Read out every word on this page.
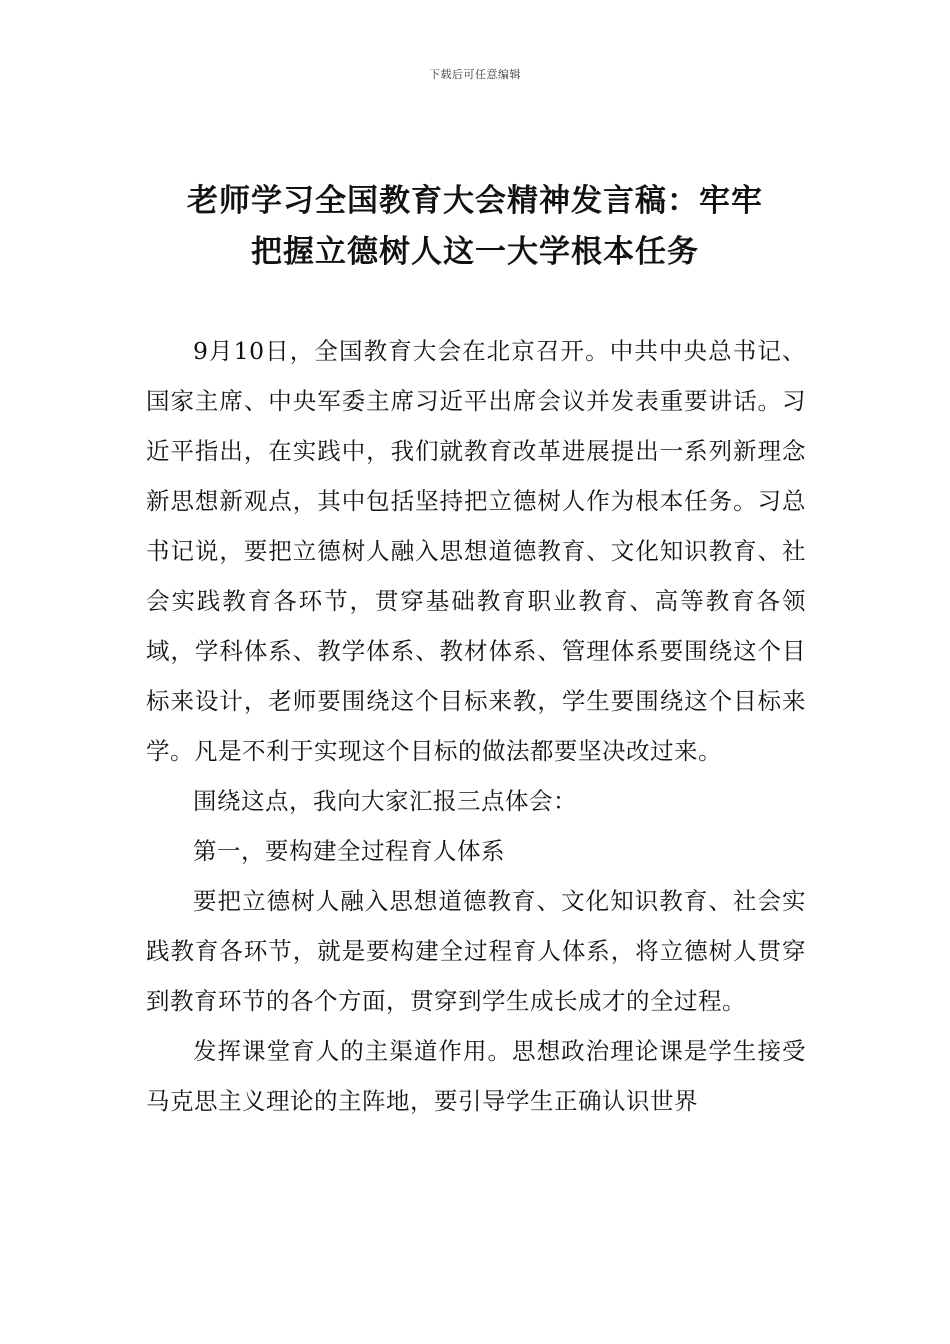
下载后可任意编辑
老师学习全国教育大会精神发言稿：牢牢
把握立德树人这一大学根本任务

9月10日，全国教育大会在北京召开。中共中央总书记、国家主席、中央军委主席习近平出席会议并发表重要讲话。习近平指出，在实践中，我们就教育改革进展提出一系列新理念新思想新观点，其中包括坚持把立德树人作为根本任务。习总书记说，要把立德树人融入思想道德教育、文化知识教育、社会实践教育各环节，贯穿基础教育职业教育、高等教育各领域，学科体系、教学体系、教材体系、管理体系要围绕这个目标来设计，老师要围绕这个目标来教，学生要围绕这个目标来学。凡是不利于实现这个目标的做法都要坚决改过来。

围绕这点，我向大家汇报三点体会：

第一，要构建全过程育人体系

要把立德树人融入思想道德教育、文化知识教育、社会实践教育各环节，就是要构建全过程育人体系，将立德树人贯穿到教育环节的各个方面，贯穿到学生成长成才的全过程。

发挥课堂育人的主渠道作用。思想政治理论课是学生接受马克思主义理论的主阵地，要引导学生正确认识世界
